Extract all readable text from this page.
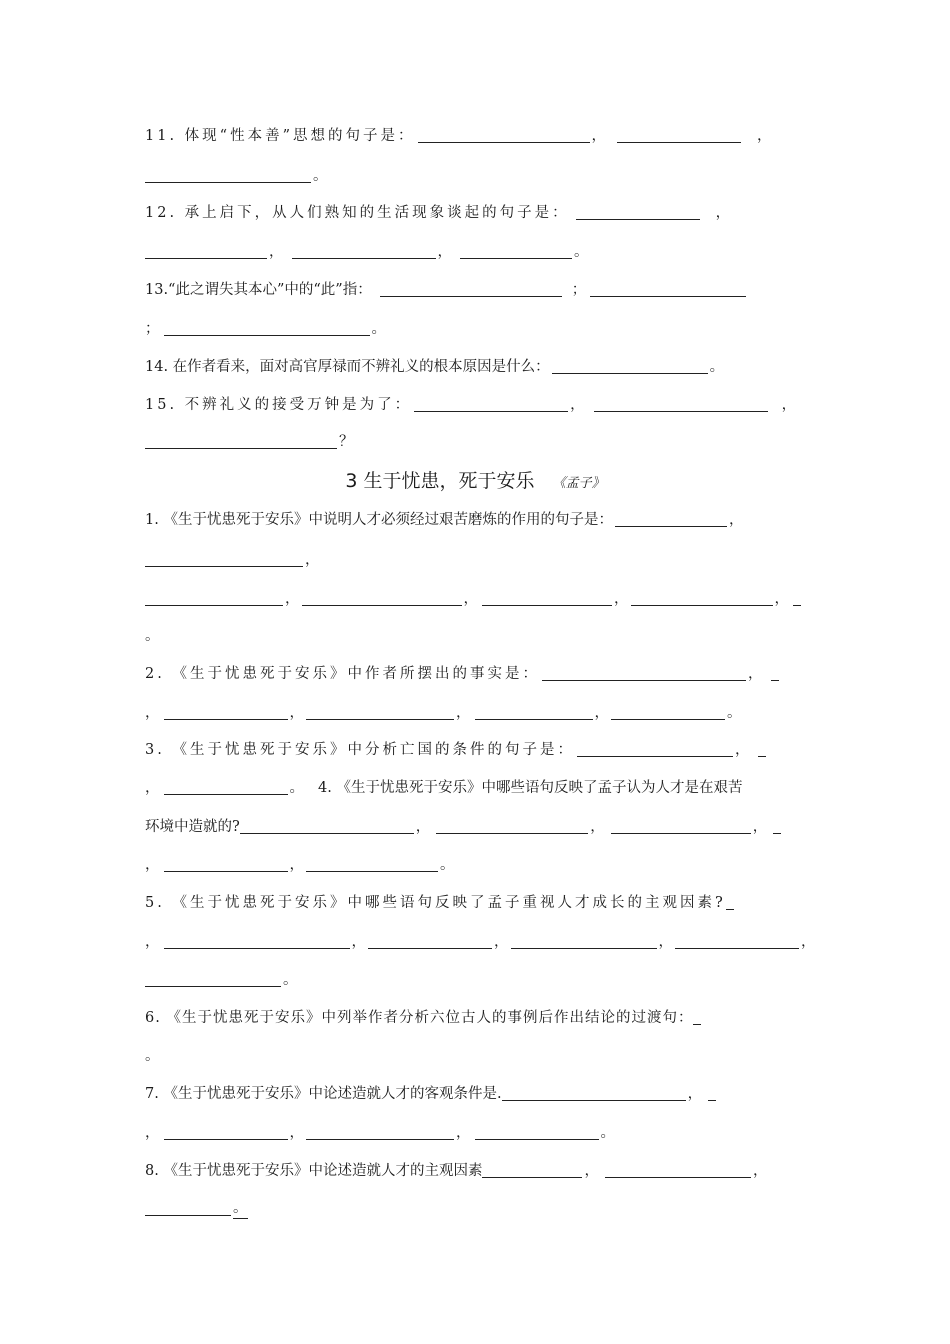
11. 体现“性本善”思想的句子是：	，	，
。
12. 承上启下，从人们熟知的生活现象谈起的句子是：	，
，	，	。
13.“此之谓失其本心”中的“此”指：	；
；	。
14. 在作者看来，面对高官厚禄而不辨礼义的根本原因是什么：	。
15. 不辨礼义的接受万钟是为了：	，	，
？
3 生于忧患，死于安乐 《孟子》
1. 《生于忧患死于安乐》中说明人才必须经过艰苦磨炼的作用的句子是：	，
，
，	，	，	，
。
2. 《生于忧患死于安乐》中作者所摆出的事实是：	，
，	，	，	，	。
3. 《生于忧患死于安乐》中分析亡国的条件的句子是：	，
，	。 4. 《生于忧患死于安乐》中哪些语句反映了孟子认为人才是在艰苦
环境中造就的?	，	，	，
，	，	。
5. 《生于忧患死于安乐》中哪些语句反映了孟子重视人才成长的主观因素?
，	，	，	，	，
。
6. 《生于忧患死于安乐》中列举作者分析六位古人的事例后作出结论的过渡句：
。
7. 《生于忧患死于安乐》中论述造就人才的客观条件是.	，
，	，	，	。
8. 《生于忧患死于安乐》中论述造就人才的主观因素	，	，
。
